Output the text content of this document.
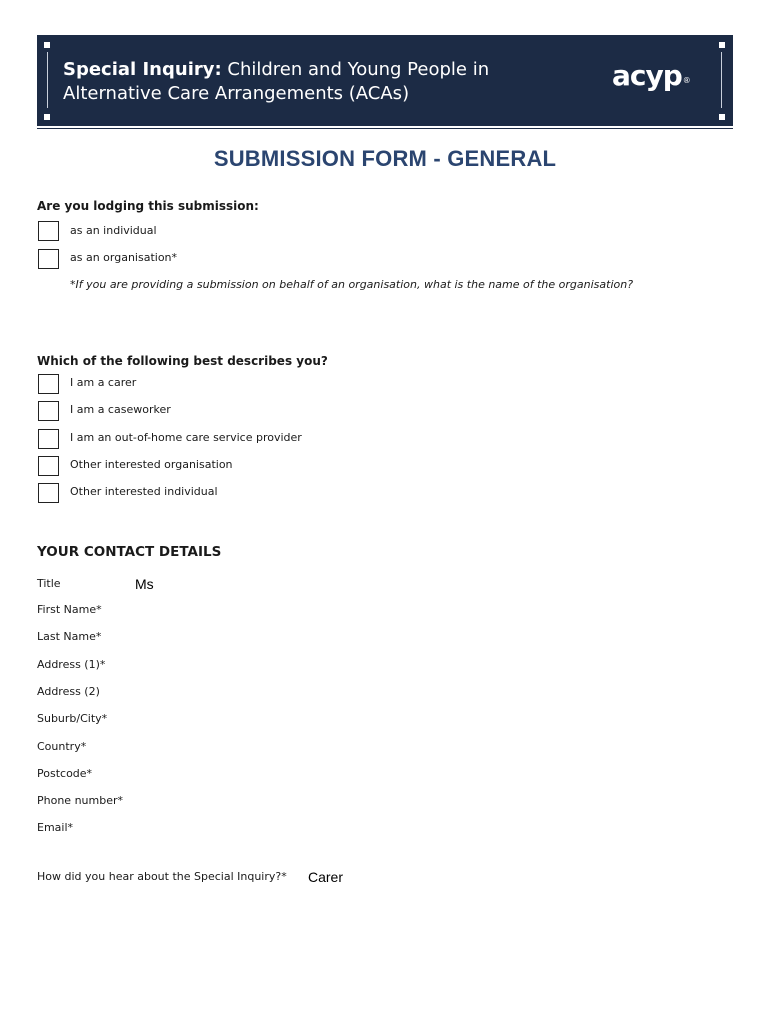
Special Inquiry: Children and Young People in
Alternative Care Arrangements (ACAs)
acyp®
SUBMISSION FORM - GENERAL
Are you lodging this submission:
as an individual
as an organisation*
*If you are providing a submission on behalf of an organisation, what is the name of the organisation?
Which of the following best describes you?
I am a carer
I am a caseworker
I am an out-of-home care service provider
Other interested organisation
Other interested individual
YOUR CONTACT DETAILS
Title
Ms
First Name*
Last Name*
Address (1)*
Address (2)
Suburb/City*
Country*
Postcode*
Phone number*
Email*
How did you hear about the Special Inquiry?*
Carer
